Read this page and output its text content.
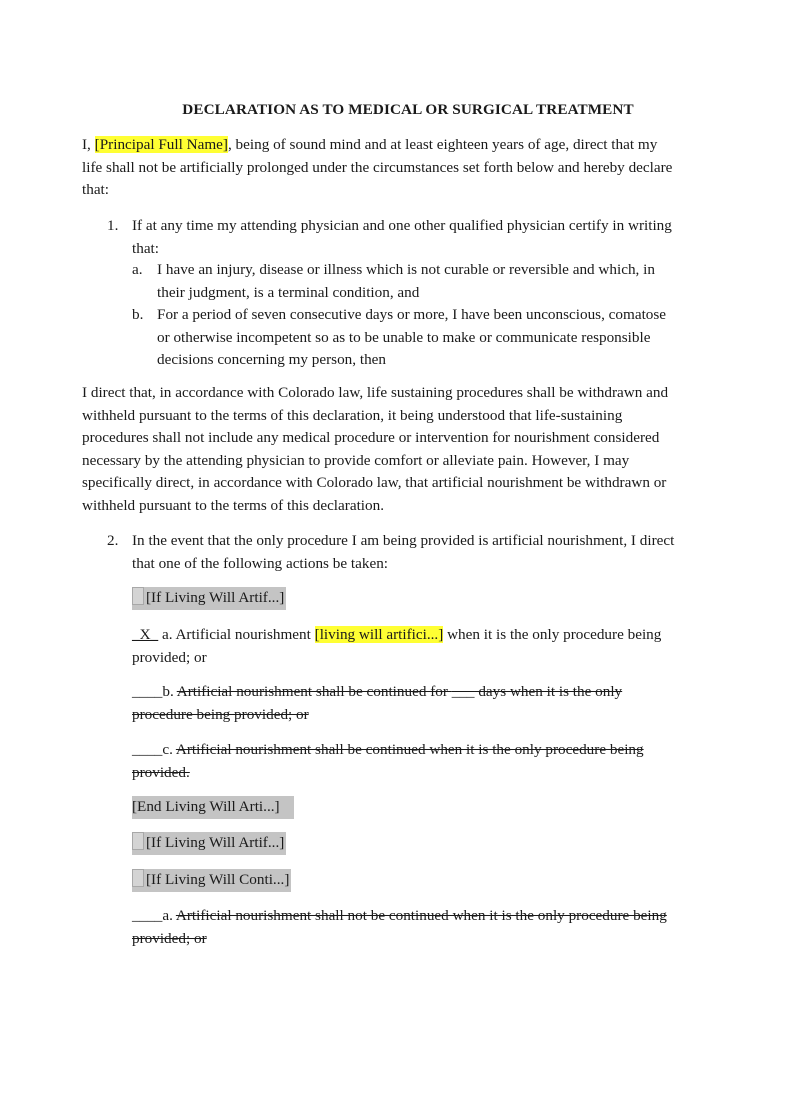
DECLARATION AS TO MEDICAL OR SURGICAL TREATMENT
I, [Principal Full Name], being of sound mind and at least eighteen years of age, direct that my
life shall not be artificially prolonged under the circumstances set forth below and hereby declare
that:
1. If at any time my attending physician and one other qualified physician certify in writing
that:
a. I have an injury, disease or illness which is not curable or reversible and which, in
their judgment, is a terminal condition, and
b. For a period of seven consecutive days or more, I have been unconscious, comatose
or otherwise incompetent so as to be unable to make or communicate responsible
decisions concerning my person, then
I direct that, in accordance with Colorado law, life sustaining procedures shall be withdrawn and
withheld pursuant to the terms of this declaration, it being understood that life-sustaining
procedures shall not include any medical procedure or intervention for nourishment considered
necessary by the attending physician to provide comfort or alleviate pain. However, I may
specifically direct, in accordance with Colorado law, that artificial nourishment be withdrawn or
withheld pursuant to the terms of this declaration.
2. In the event that the only procedure I am being provided is artificial nourishment, I direct
that one of the following actions be taken:
[If Living Will Artif...]
_X_ a. Artificial nourishment [living will artifici...] when it is the only procedure being
provided; or
____b. Artificial nourishment shall be continued for ___ days when it is the only
procedure being provided; or
____c. Artificial nourishment shall be continued when it is the only procedure being
provided.
[End Living Will Arti...]
[If Living Will Artif...]
[If Living Will Conti...]
____a. Artificial nourishment shall not be continued when it is the only procedure being
provided; or
